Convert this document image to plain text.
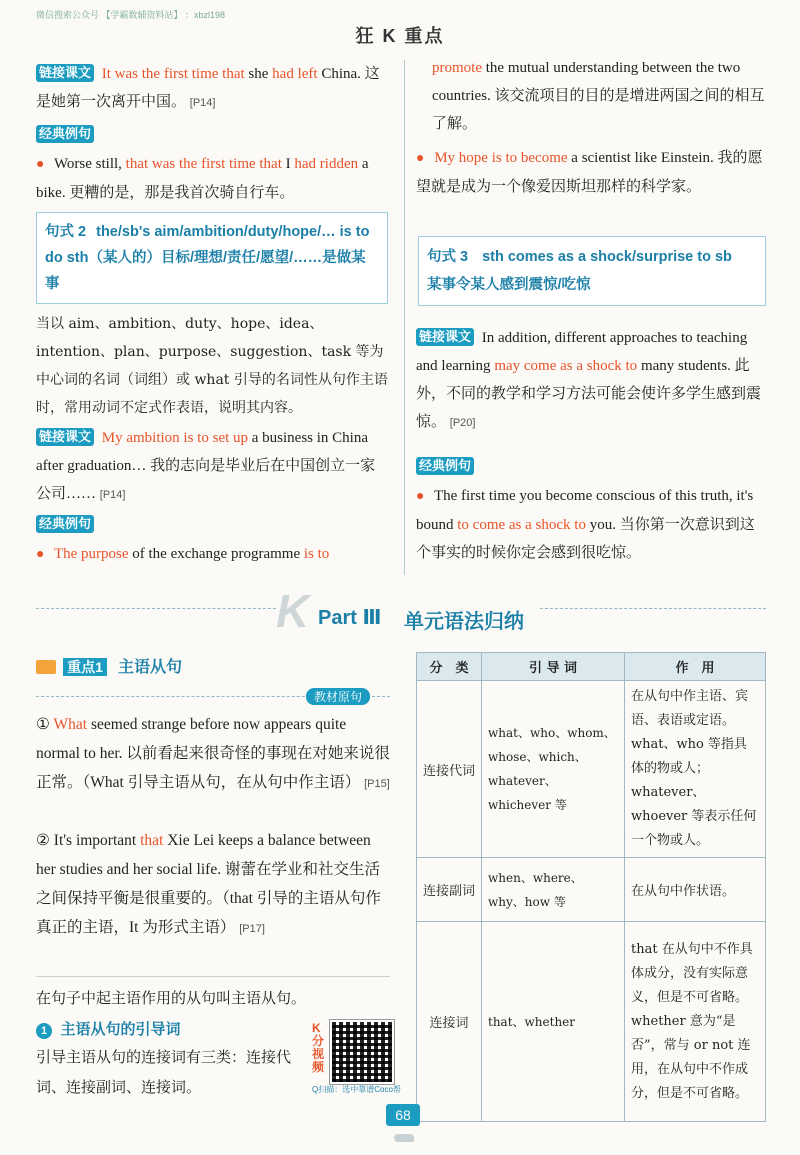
微信搜索公众号 【学霸数辅资料站】 ：xbzl198
狂 K 重点
链接课文 It was the first time that she had left China. 这是她第一次离开中国。 [P14]
经典例句
● Worse still, that was the first time that I had ridden a bike. 更糟的是，那是我首次骑自行车。
句式 2 the/sb's aim/ambition/duty/hope/… is to do sth（某人的）目标/理想/责任/愿望/……是做某事
当以 aim、ambition、duty、hope、idea、intention、plan、purpose、suggestion、task 等为中心词的名词（词组）或 what 引导的名词性从句作主语时，常用动词不定式作表语，说明其内容。
链接课文 My ambition is to set up a business in China after graduation… 我的志向是毕业后在中国创立一家公司…… [P14]
经典例句
● The purpose of the exchange programme is to
promote the mutual understanding between the two countries. 该交流项目的目的是增进两国之间的相互了解。
● My hope is to become a scientist like Einstein. 我的愿望就是成为一个像爱因斯坦那样的科学家。
句式 3 sth comes as a shock/surprise to sb
某事令某人感到震惊/吃惊
链接课文 In addition, different approaches to teaching and learning may come as a shock to many students. 此外，不同的教学和学习方法可能会使许多学生感到震惊。 [P20]
经典例句
● The first time you become conscious of this truth, it's bound to come as a shock to you. 当你第一次意识到这个事实的时候你定会感到很吃惊。
K Part Ⅲ 单元语法归纳
重点1 主语从句
教材原句
① What seemed strange before now appears quite normal to her. 以前看起来很奇怪的事现在对她来说很正常。（What 引导主语从句，在从句中作主语） [P15]
② It's important that Xie Lei keeps a balance between her studies and her social life. 谢蕾在学业和社交生活之间保持平衡是很重要的。（that 引导的主语从句作真正的主语，It 为形式主语） [P17]
在句子中起主语作用的从句叫主语从句。
1 主语从句的引导词
引导主语从句的连接词有三类：连接代词、连接副词、连接词。
K分视频
Q扫描：选中靠谱Coco帮
分　类	引 导 词	作　用
连接代词	what、who、whom、whose、which、whatever、whichever 等	在从句中作主语、宾语、表语或定语。what、who 等指具体的物或人；whatever、whoever 等表示任何一个物或人。
连接副词	when、where、why、how 等	在从句中作状语。
连接词	that、whether	that 在从句中不作具体成分，没有实际意义，但是不可省略。whether 意为“是否”，常与 or not 连用，在从句中不作成分，但是不可省略。
68
